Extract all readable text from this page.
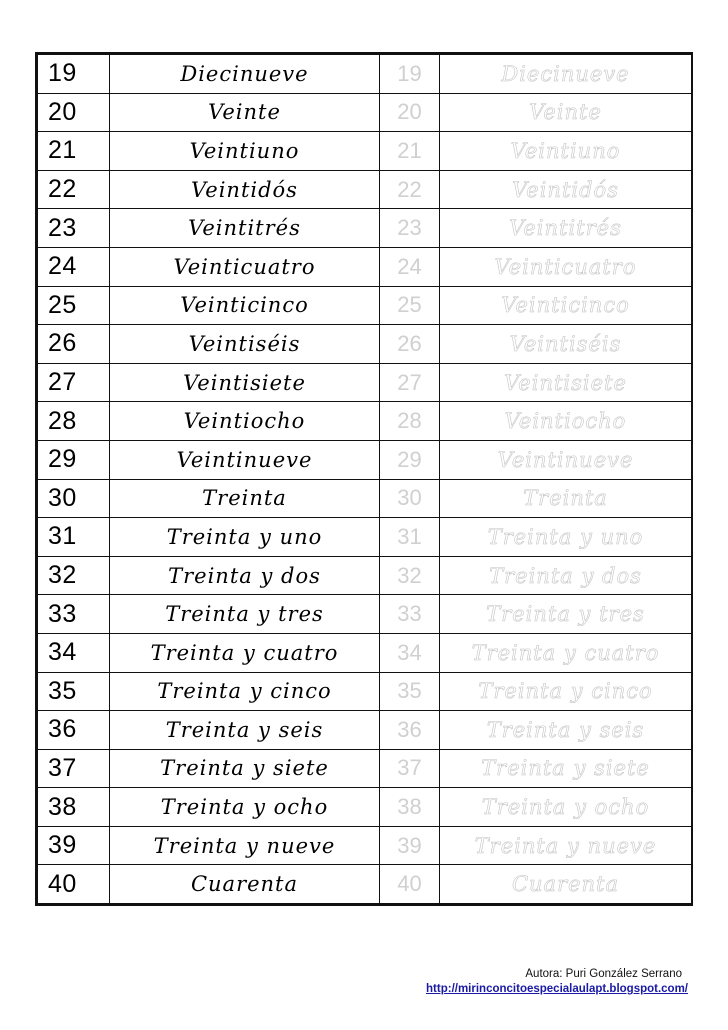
19	Diecinueve	19	Diecinueve
20	Veinte	20	Veinte
21	Veintiuno	21	Veintiuno
22	Veintidós	22	Veintidós
23	Veintitrés	23	Veintitrés
24	Veinticuatro	24	Veinticuatro
25	Veinticinco	25	Veinticinco
26	Veintiséis	26	Veintiséis
27	Veintisiete	27	Veintisiete
28	Veintiocho	28	Veintiocho
29	Veintinueve	29	Veintinueve
30	Treinta	30	Treinta
31	Treinta y uno	31	Treinta y uno
32	Treinta y dos	32	Treinta y dos
33	Treinta y tres	33	Treinta y tres
34	Treinta y cuatro	34	Treinta y cuatro
35	Treinta y cinco	35	Treinta y cinco
36	Treinta y seis	36	Treinta y seis
37	Treinta y siete	37	Treinta y siete
38	Treinta y ocho	38	Treinta y ocho
39	Treinta y nueve	39	Treinta y nueve
40	Cuarenta	40	Cuarenta
Autora: Puri González Serrano
http://mirinconcitoespecialaulapt.blogspot.com/
